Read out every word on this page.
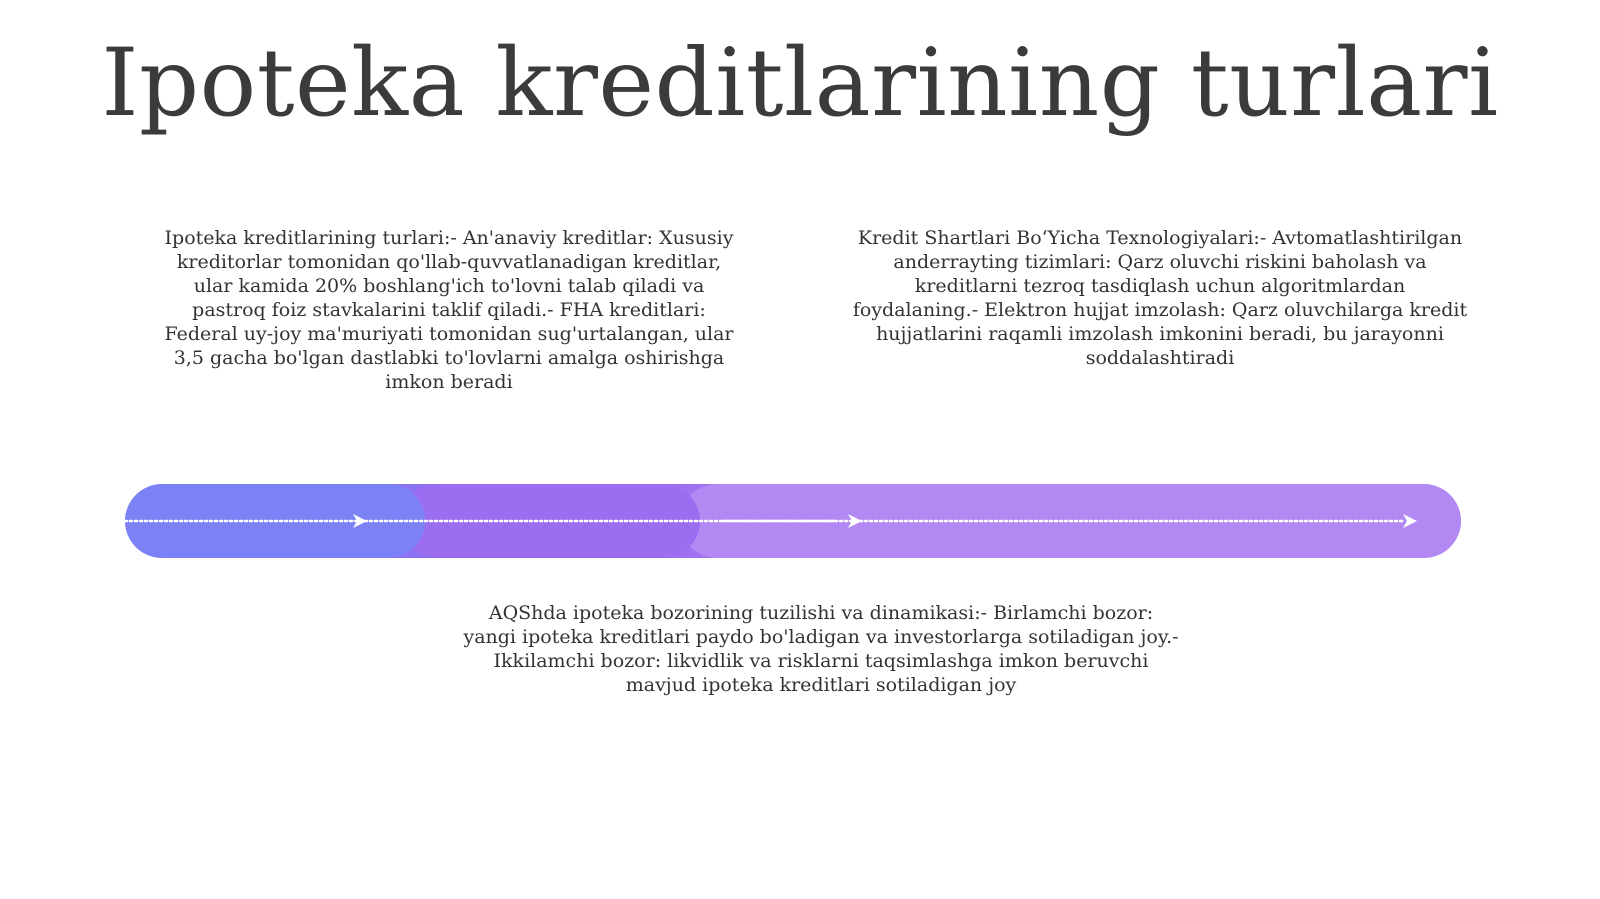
Ipoteka kreditlarining turlari
Ipoteka kreditlarining turlari:- An'anaviy kreditlar: Xususiy kreditorlar tomonidan qo'llab-quvvatlanadigan kreditlar, ular kamida 20% boshlang'ich to'lovni talab qiladi va pastroq foiz stavkalarini taklif qiladi.- FHA kreditlari: Federal uy-joy ma'muriyati tomonidan sug'urtalangan, ular 3,5 gacha bo'lgan dastlabki to'lovlarni amalga oshirishga imkon beradi
Kredit Shartlari Bo‘Yicha Texnologiyalari:- Avtomatlashtirilgan anderrayting tizimlari: Qarz oluvchi riskini baholash va kreditlarni tezroq tasdiqlash uchun algoritmlardan foydalaning.- Elektron hujjat imzolash: Qarz oluvchilarga kredit hujjatlarini raqamli imzolash imkonini beradi, bu jarayonni soddalashtiradi
AQShda ipoteka bozorining tuzilishi va dinamikasi:- Birlamchi bozor: yangi ipoteka kreditlari paydo bo'ladigan va investorlarga sotiladigan joy.- Ikkilamchi bozor: likvidlik va risklarni taqsimlashga imkon beruvchi mavjud ipoteka kreditlari sotiladigan joy
